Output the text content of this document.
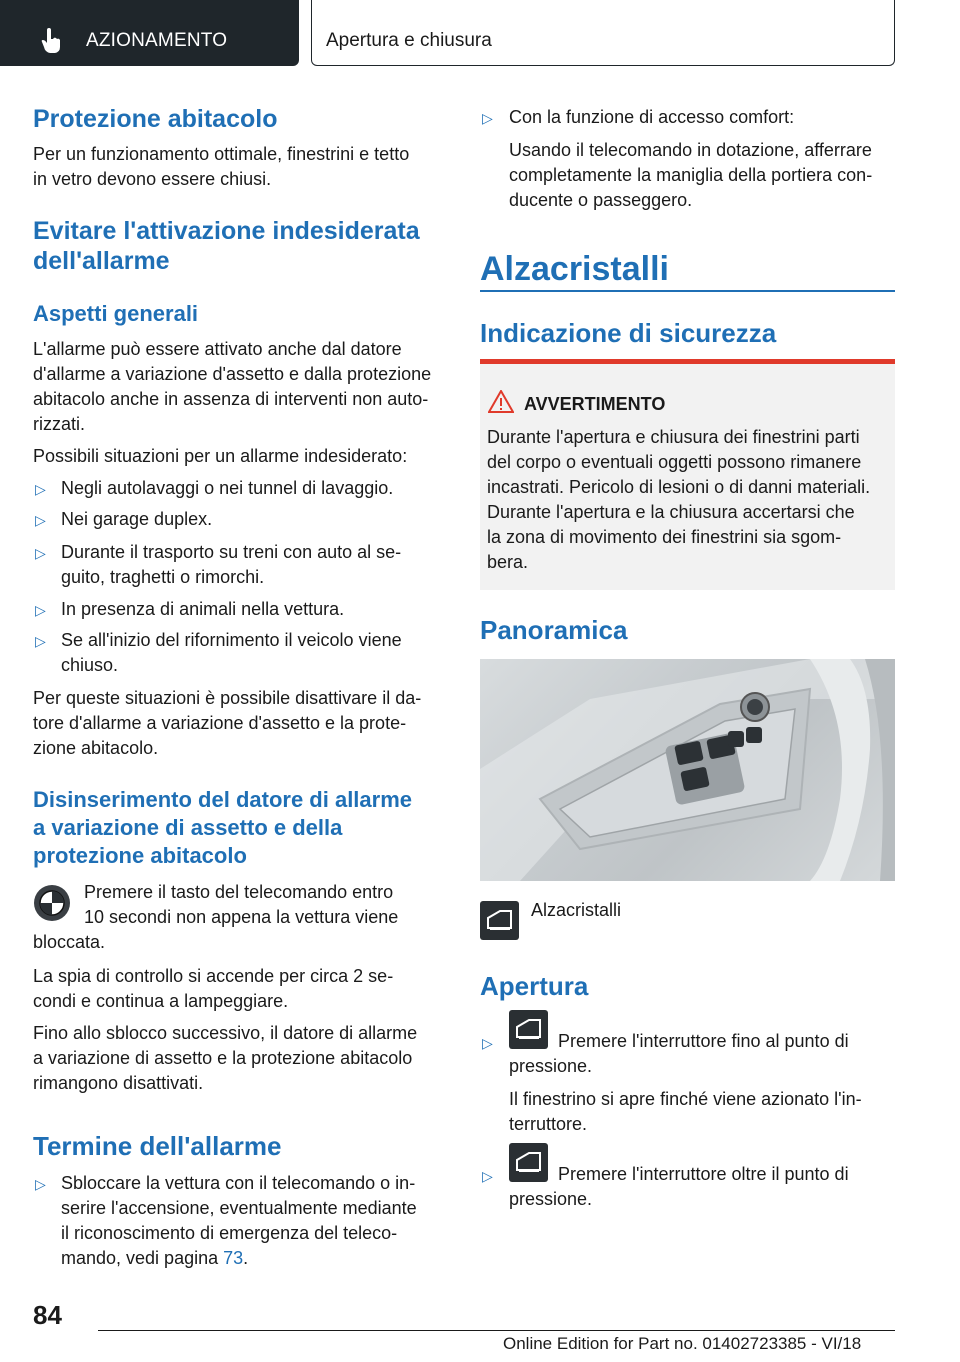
AZIONAMENTO	Apertura e chiusura
Protezione abitacolo

Per un funzionamento ottimale, finestrini e tetto

in vetro devono essere chiusi.

Evitare l'attivazione indesiderata
dell'allarme
Aspetti generali

L'allarme può essere attivato anche dal datore

d'allarme a variazione d'assetto e dalla protezione

abitacolo anche in assenza di interventi non auto-

rizzati.

Possibili situazioni per un allarme indesiderato:

▷ Negli autolavaggi o nei tunnel di lavaggio.

▷ Nei garage duplex.

▷ Durante il trasporto su treni con auto al se-

guito, traghetti o rimorchi.

▷ In presenza di animali nella vettura.

▷ Se all'inizio del rifornimento il veicolo viene

chiuso.

Per queste situazioni è possibile disattivare il da-

tore d'allarme a variazione d'assetto e la prote-

zione abitacolo.

Disinserimento del datore di allarme
a variazione di assetto e della
protezione abitacolo

Premere il tasto del telecomando entro

10 secondi non appena la vettura viene

bloccata.

La spia di controllo si accende per circa 2 se-

condi e continua a lampeggiare.

Fino allo sblocco successivo, il datore di allarme

a variazione di assetto e la protezione abitacolo

rimangono disattivati.

Termine dell'allarme
▷ Sbloccare la vettura con il telecomando o in-

serire l'accensione, eventualmente mediante

il riconoscimento di emergenza del teleco-

mando, vedi pagina 73.

▷ Con la funzione di accesso comfort:

Usando il telecomando in dotazione, afferrare

completamente la maniglia della portiera con-

ducente o passeggero.

Alzacristalli
Indicazione di sicurezza
AVVERTIMENTO

Durante l'apertura e chiusura dei finestrini parti

del corpo o eventuali oggetti possono rimanere

incastrati. Pericolo di lesioni o di danni materiali.

Durante l'apertura e la chiusura accertarsi che

la zona di movimento dei finestrini sia sgom-

bera.

Panoramica

Alzacristalli

Apertura
▷	Premere l'interruttore fino al punto di

pressione.

Il finestrino si apre finché viene azionato l'in-

terruttore.

▷	Premere l'interruttore oltre il punto di

pressione.

84
Online Edition for Part no. 01402723385 - VI/18
